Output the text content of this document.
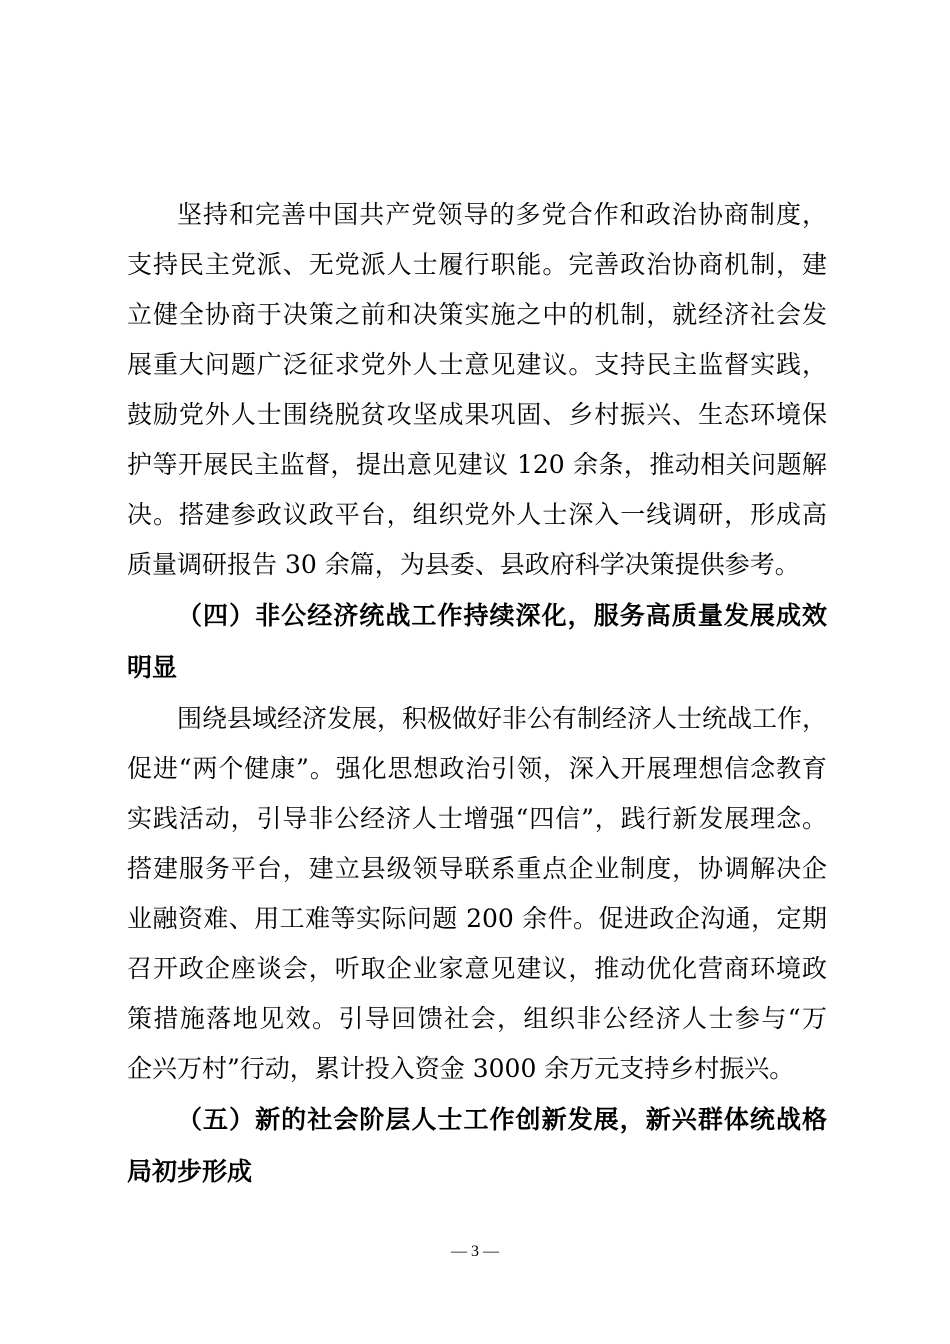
坚持和完善中国共产党领导的多党合作和政治协商制度，
支持民主党派、无党派人士履行职能。完善政治协商机制，建
立健全协商于决策之前和决策实施之中的机制，就经济社会发
展重大问题广泛征求党外人士意见建议。支持民主监督实践，
鼓励党外人士围绕脱贫攻坚成果巩固、乡村振兴、生态环境保
护等开展民主监督，提出意见建议 120 余条，推动相关问题解
决。搭建参政议政平台，组织党外人士深入一线调研，形成高
质量调研报告 30 余篇，为县委、县政府科学决策提供参考。
（四）非公经济统战工作持续深化，服务高质量发展成效
明显
围绕县域经济发展，积极做好非公有制经济人士统战工作，
促进“两个健康”。强化思想政治引领，深入开展理想信念教育
实践活动，引导非公经济人士增强“四信”，践行新发展理念。
搭建服务平台，建立县级领导联系重点企业制度，协调解决企
业融资难、用工难等实际问题 200 余件。促进政企沟通，定期
召开政企座谈会，听取企业家意见建议，推动优化营商环境政
策措施落地见效。引导回馈社会，组织非公经济人士参与“万
企兴万村”行动，累计投入资金 3000 余万元支持乡村振兴。
（五）新的社会阶层人士工作创新发展，新兴群体统战格
局初步形成
— 3 —
